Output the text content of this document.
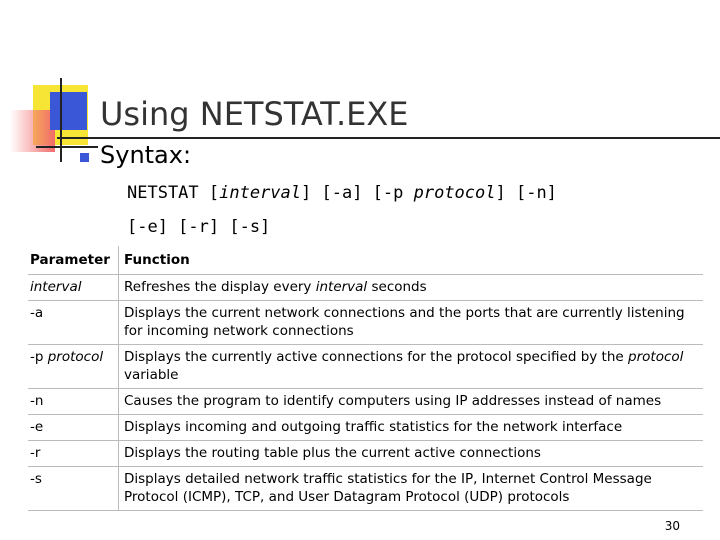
Using NETSTAT.EXE
Syntax:
NETSTAT [interval] [-a] [-p protocol] [-n]
[-e] [-r] [-s]
Parameter	Function
interval	Refreshes the display every interval seconds
-a	Displays the current network connections and the ports that are currently listening for incoming network connections
-p protocol	Displays the currently active connections for the protocol specified by the protocol variable
-n	Causes the program to identify computers using IP addresses instead of names
-e	Displays incoming and outgoing traffic statistics for the network interface
-r	Displays the routing table plus the current active connections
-s	Displays detailed network traffic statistics for the IP, Internet Control Message Protocol (ICMP), TCP, and User Datagram Protocol (UDP) protocols
30
